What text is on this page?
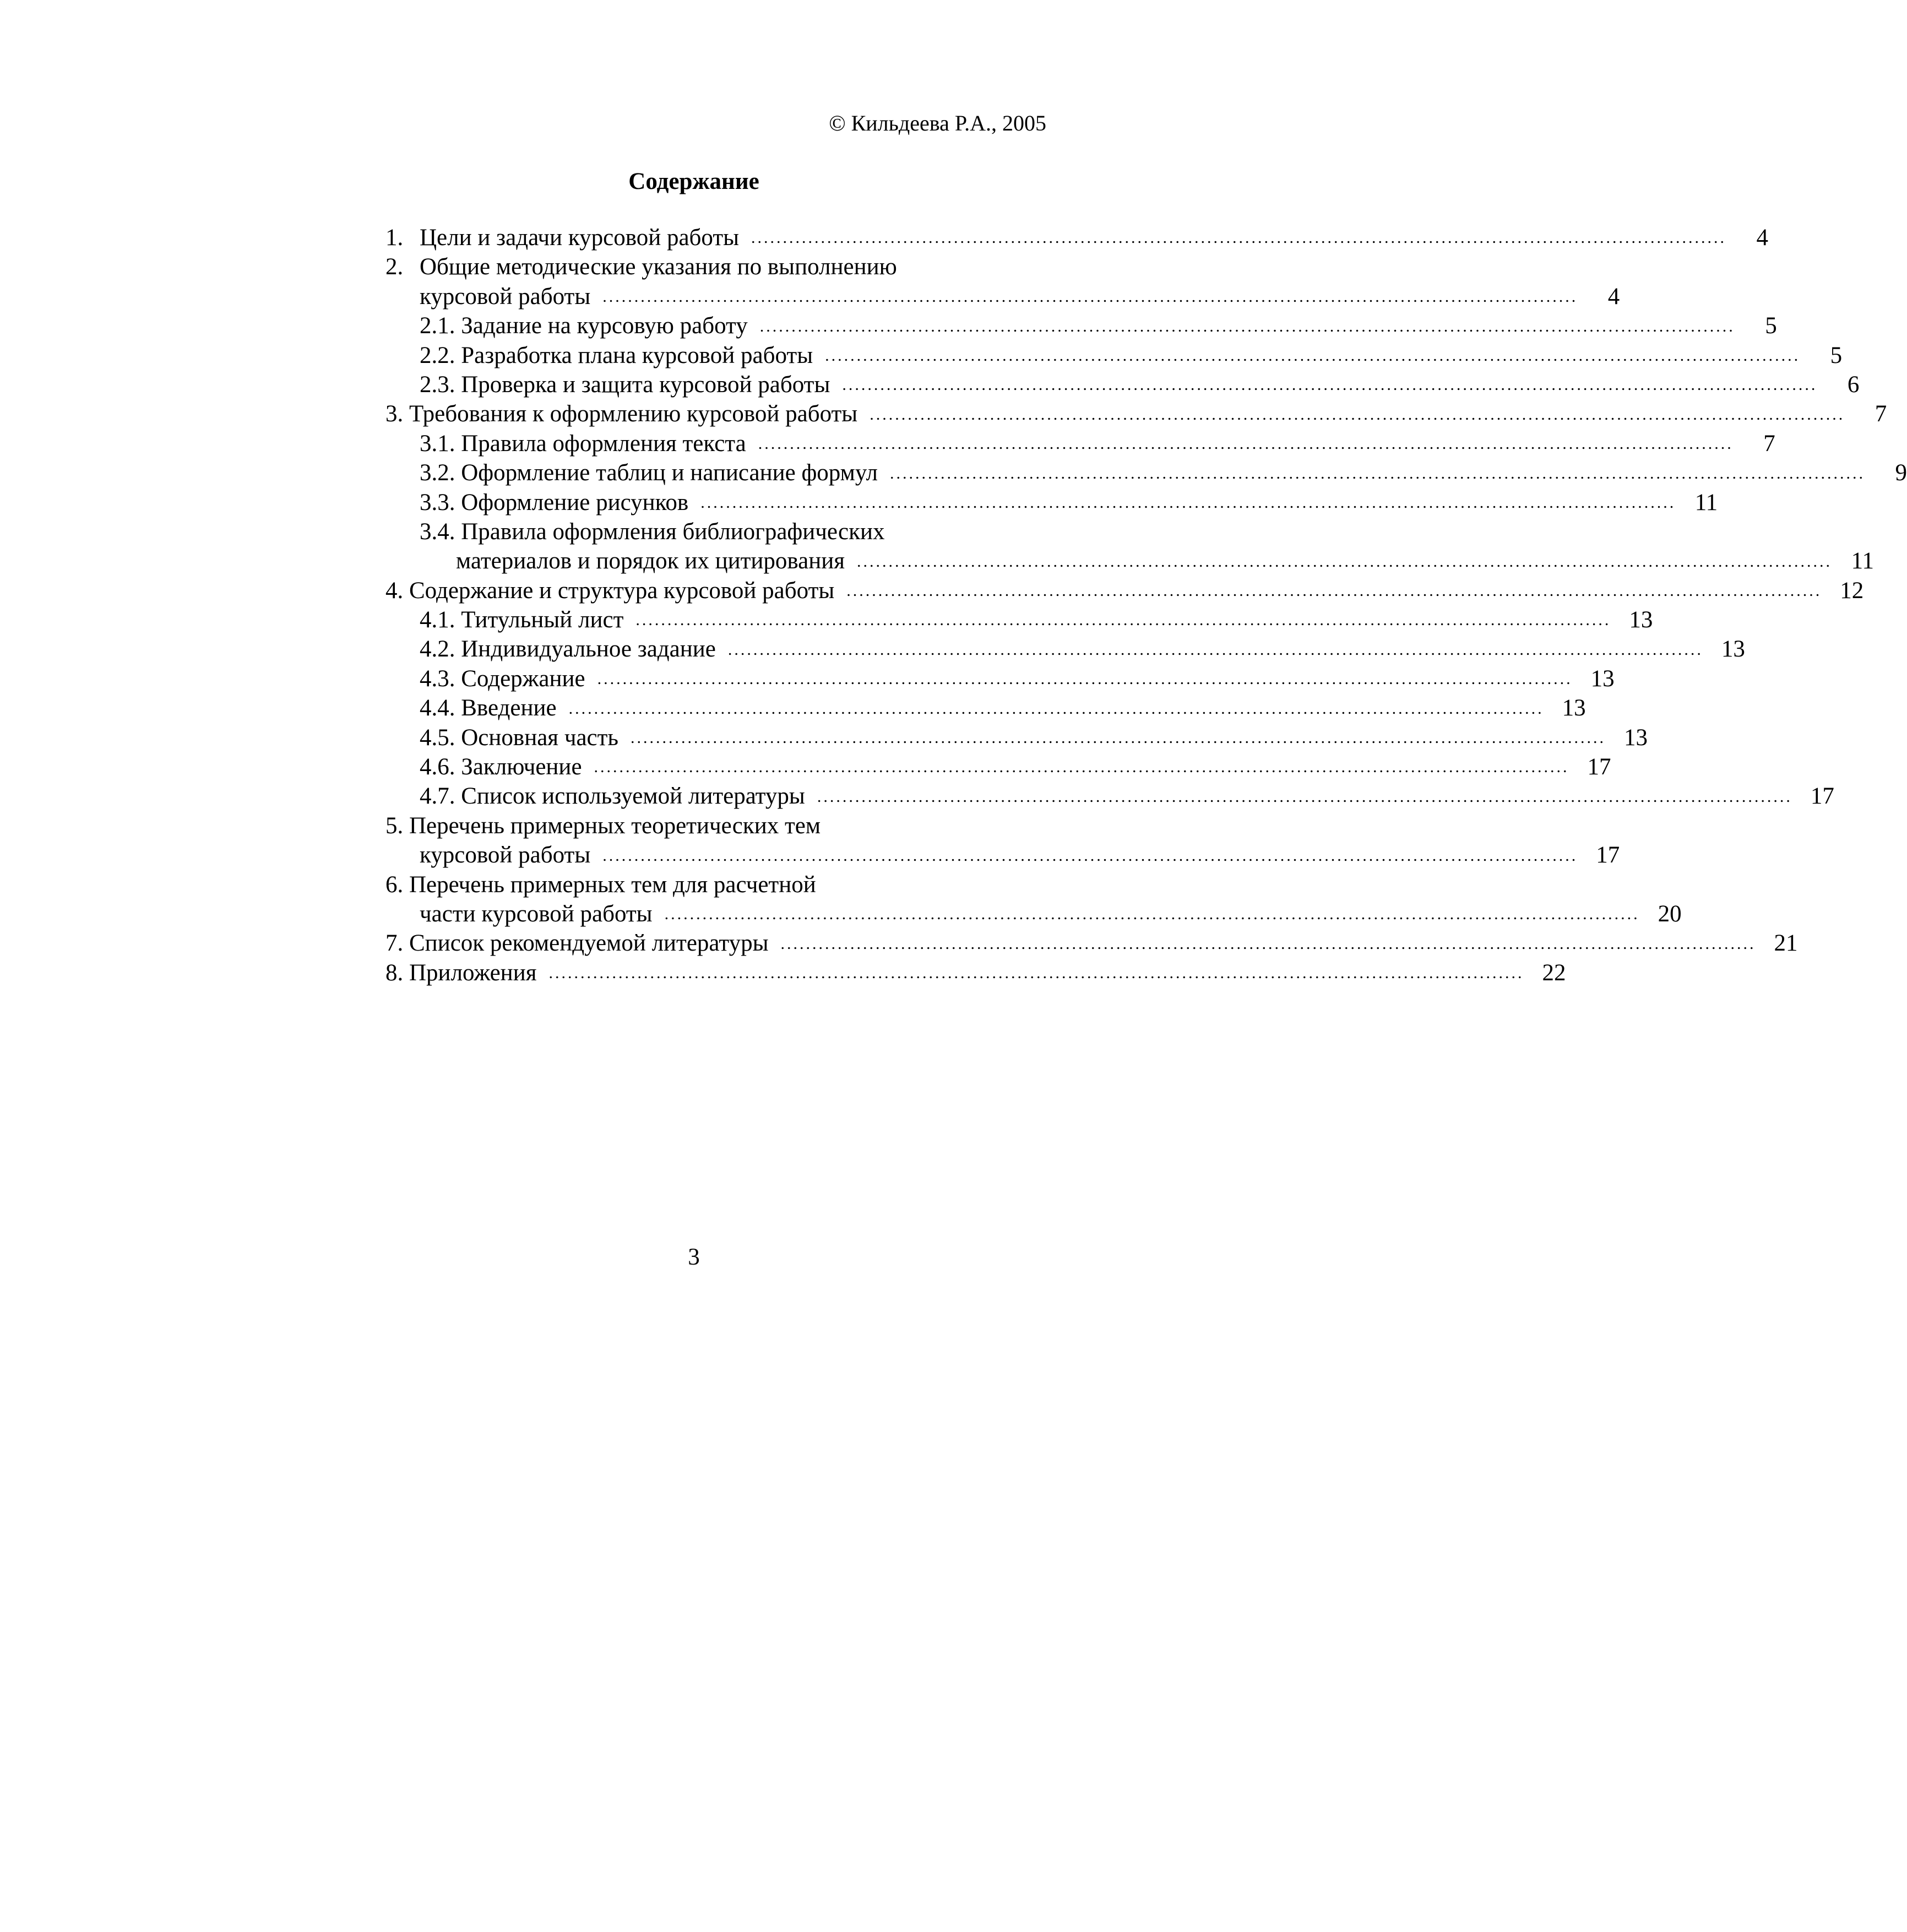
© Кильдеева Р.А., 2005
Содержание
1. Цели и задачи курсовой работы ..........................................................................................................................................................	4
2. Общие методические указания по выполнению
курсовой работы ..........................................................................................................................................................	4
2.1. Задание на курсовую работу ..........................................................................................................................................................	5
2.2. Разработка плана курсовой работы ..........................................................................................................................................................	5
2.3. Проверка и защита курсовой работы ..........................................................................................................................................................	6
3. Требования к оформлению курсовой работы ..........................................................................................................................................................	7
3.1. Правила оформления текста ..........................................................................................................................................................	7
3.2. Оформление таблиц и написание формул ..........................................................................................................................................................	9
3.3. Оформление рисунков .......................................................................................................................................................... 11
3.4. Правила оформления библиографических
материалов и порядок их цитирования .......................................................................................................................................................... 11
4. Содержание и структура курсовой работы .......................................................................................................................................................... 12
4.1. Титульный лист .......................................................................................................................................................... 13
4.2. Индивидуальное задание .......................................................................................................................................................... 13
4.3. Содержание .......................................................................................................................................................... 13
4.4. Введение .......................................................................................................................................................... 13
4.5. Основная часть .......................................................................................................................................................... 13
4.6. Заключение .......................................................................................................................................................... 17
4.7. Список используемой литературы .......................................................................................................................................................... 17
5. Перечень примерных теоретических тем
курсовой работы .......................................................................................................................................................... 17
6. Перечень примерных тем для расчетной
части курсовой работы .......................................................................................................................................................... 20
7. Список рекомендуемой литературы .......................................................................................................................................................... 21
8. Приложения .......................................................................................................................................................... 22
3
